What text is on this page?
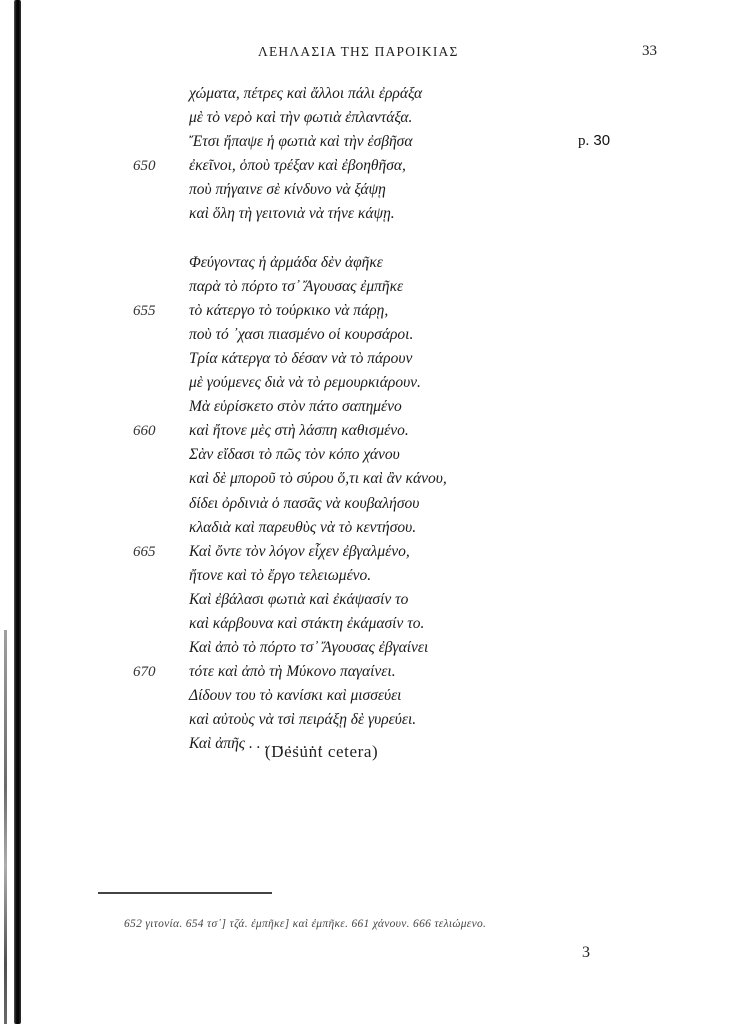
ΛΕΗΛΑΣΙΑ ΤΗΣ ΠΑΡΟΙΚΙΑΣ	33
p. 30
χώματα, πέτρες καὶ ἄλλοι πάλι ἐρράξα
μὲ τὸ νερὸ καὶ τὴν φωτιὰ ἐπλαντάξα.
Ἔτσι ἤπαψε ἡ φωτιὰ καὶ τὴν ἐσβῆσα
650 ἐκεῖνοι, ὁποὺ τρέξαν καὶ ἐβοηθῆσα,
ποὺ πήγαινε σὲ κίνδυνο νὰ ξάψῃ
καὶ ὅλη τὴ γειτονιὰ νὰ τήνε κάψῃ.
Φεύγοντας ἡ ἀρμάδα δὲν ἀφῆκε
παρὰ τὸ πόρτο τσ᾽ Ἄγουσας ἐμπῆκε
655 τὸ κάτεργο τὸ τούρκικο νὰ πάρῃ,
ποὺ τό ᾽χασι πιασμένο οἱ κουρσάροι.
Τρία κάτεργα τὸ δέσαν νὰ τὸ πάρουν
μὲ γούμενες διὰ νὰ τὸ ρεμουρκιάρουν.
Μὰ εὑρίσκετο στὸν πάτο σαπημένο
660 καὶ ἤτονε μὲς στὴ λάσπη καθισμένο.
Σὰν εἴδασι τὸ πῶς τὸν κόπο χάνου
καὶ δὲ μποροῦ τὸ σύρου ὅ,τι καὶ ἂν κάνου,
δίδει ὀρδινιὰ ὁ πασᾶς νὰ κουβαλήσου
κλαδιὰ καὶ παρευθὺς νὰ τὸ κεντήσου.
665 Καὶ ὄντε τὸν λόγον εἶχεν ἐβγαλμένο,
ἤτονε καὶ τὸ ἔργο τελειωμένο.
Καὶ ἐβάλασι φωτιὰ καὶ ἐκάψασίν το
καὶ κάρβουνα καὶ στάκτη ἐκάμασίν το.
Καὶ ἀπὸ τὸ πόρτο τσ᾽ Ἄγουσας ἐβγαίνει
670 τότε καὶ ἀπὸ τὴ Μύκονο παγαίνει.
Δίδουν του τὸ κανίσκι καὶ μισσεύει
καὶ αὐτοὺς νὰ τσὶ πειράξῃ δὲ γυρεύει.
Καὶ ἀπῆς . . . . . . . . . .
(Desunt cetera)
652 γιτονία. 654 τσ᾽] τζά. ἐμπῆκε] καὶ ἐμπῆκε. 661 χάνουν. 666 τελιώμενο.
3
